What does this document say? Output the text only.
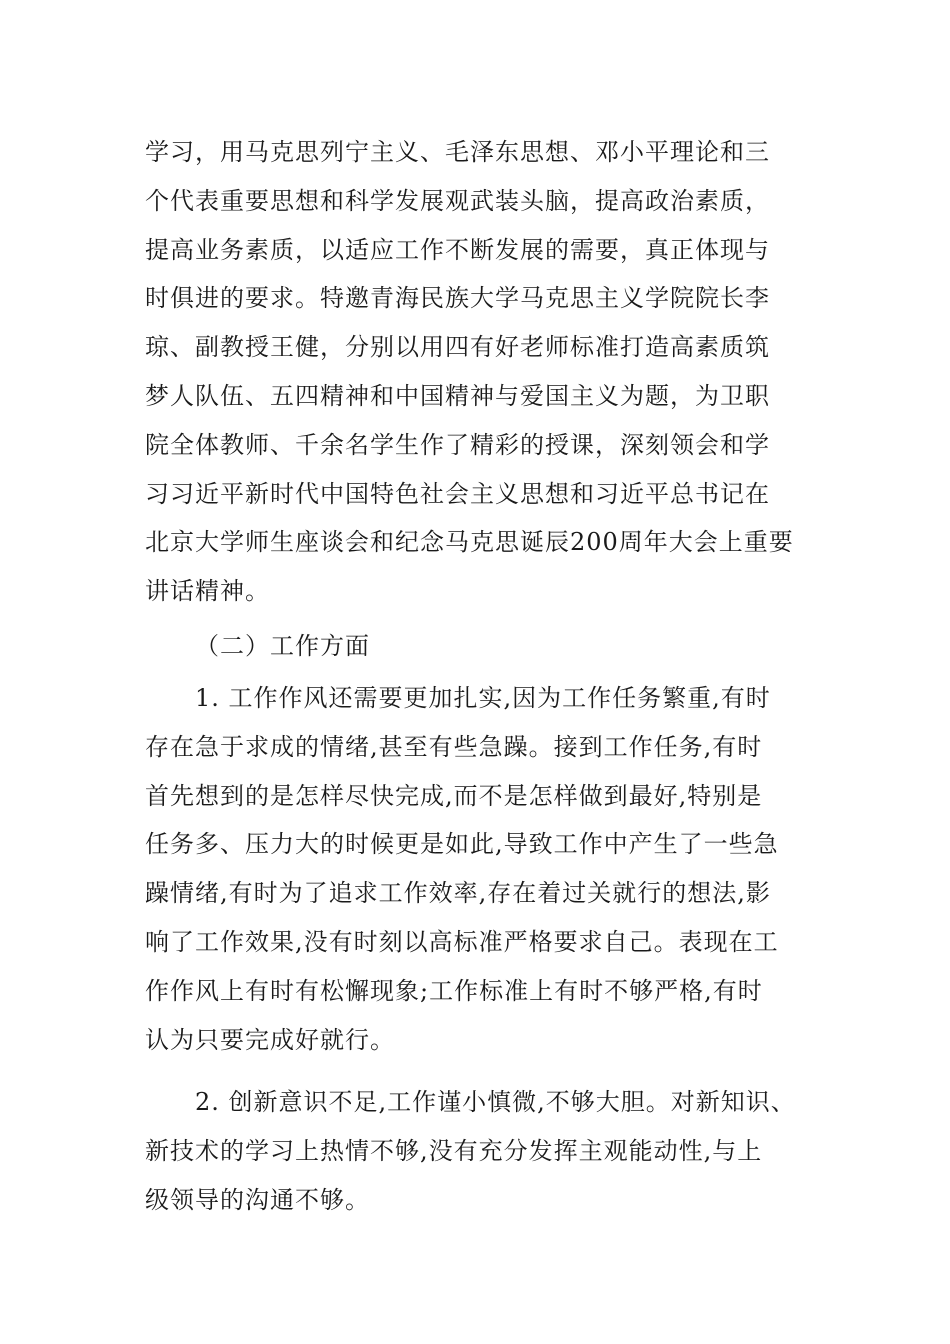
学习，用马克思列宁主义、毛泽东思想、邓小平理论和三
个代表重要思想和科学发展观武装头脑，提高政治素质，
提高业务素质，以适应工作不断发展的需要，真正体现与
时俱进的要求。特邀青海民族大学马克思主义学院院长李
琼、副教授王健，分别以用四有好老师标准打造高素质筑
梦人队伍、五四精神和中国精神与爱国主义为题，为卫职
院全体教师、千余名学生作了精彩的授课，深刻领会和学
习习近平新时代中国特色社会主义思想和习近平总书记在
北京大学师生座谈会和纪念马克思诞辰200周年大会上重要
讲话精神。
（二）工作方面
1. 工作作风还需要更加扎实,因为工作任务繁重,有时
存在急于求成的情绪,甚至有些急躁。接到工作任务,有时
首先想到的是怎样尽快完成,而不是怎样做到最好,特别是
任务多、压力大的时候更是如此,导致工作中产生了一些急
躁情绪,有时为了追求工作效率,存在着过关就行的想法,影
响了工作效果,没有时刻以高标准严格要求自己。表现在工
作作风上有时有松懈现象;工作标准上有时不够严格,有时
认为只要完成好就行。
2. 创新意识不足,工作谨小慎微,不够大胆。对新知识、
新技术的学习上热情不够,没有充分发挥主观能动性,与上
级领导的沟通不够。
